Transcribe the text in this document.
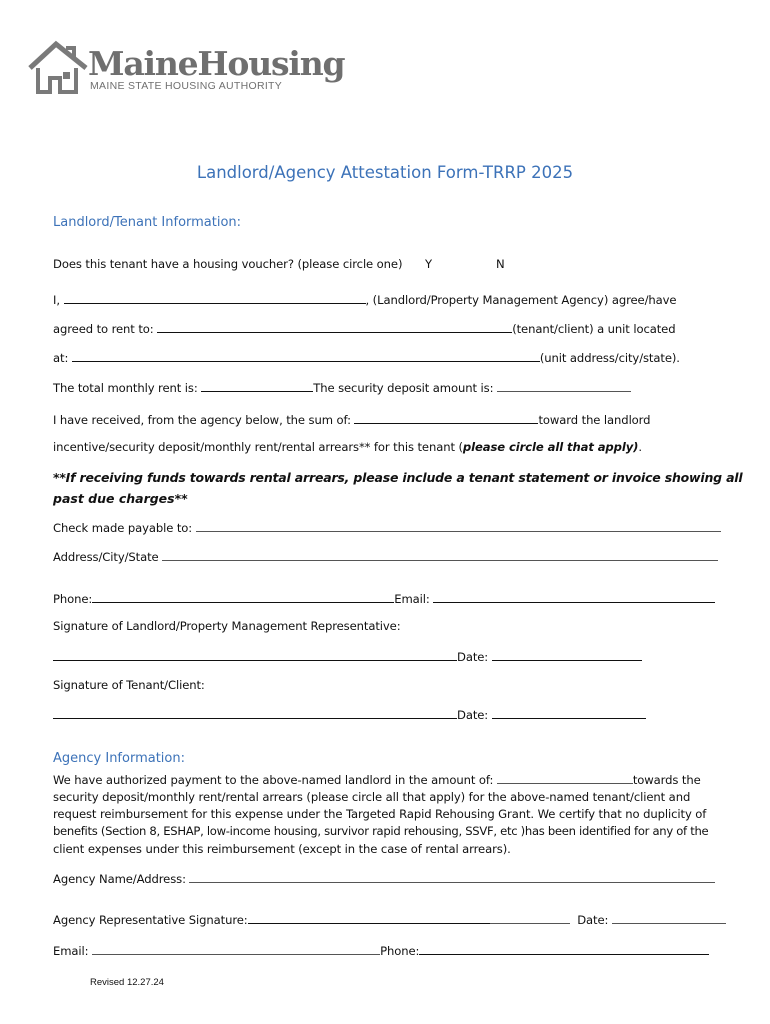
MaineHousing
MAINE STATE HOUSING AUTHORITY
Landlord/Agency Attestation Form-TRRP 2025
Landlord/Tenant Information:
Does this tenant have a housing voucher? (please circle one) Y	N
I,	, (Landlord/Property Management Agency) agree/have
agreed to rent to:	(tenant/client) a unit located
at:	(unit address/city/state).
The total monthly rent is:	The security deposit amount is:
I have received, from the agency below, the sum of:	toward the landlord
incentive/security deposit/monthly rent/rental arrears** for this tenant (please circle all that apply).
**If receiving funds towards rental arrears, please include a tenant statement or invoice showing all
past due charges**
Check made payable to:
Address/City/State
Phone:	Email:
Signature of Landlord/Property Management Representative:
Date:
Signature of Tenant/Client:
Date:
Agency Information:
We have authorized payment to the above-named landlord in the amount of:	towards the
security deposit/monthly rent/rental arrears (please circle all that apply) for the above-named tenant/client and
request reimbursement for this expense under the Targeted Rapid Rehousing Grant. We certify that no duplicity of
benefits (Section 8, ESHAP, low-income housing, survivor rapid rehousing, SSVF, etc )has been identified for any of the
client expenses under this reimbursement (except in the case of rental arrears).
Agency Name/Address:
Agency Representative Signature:	Date:
Email:	Phone:
Revised 12.27.24
